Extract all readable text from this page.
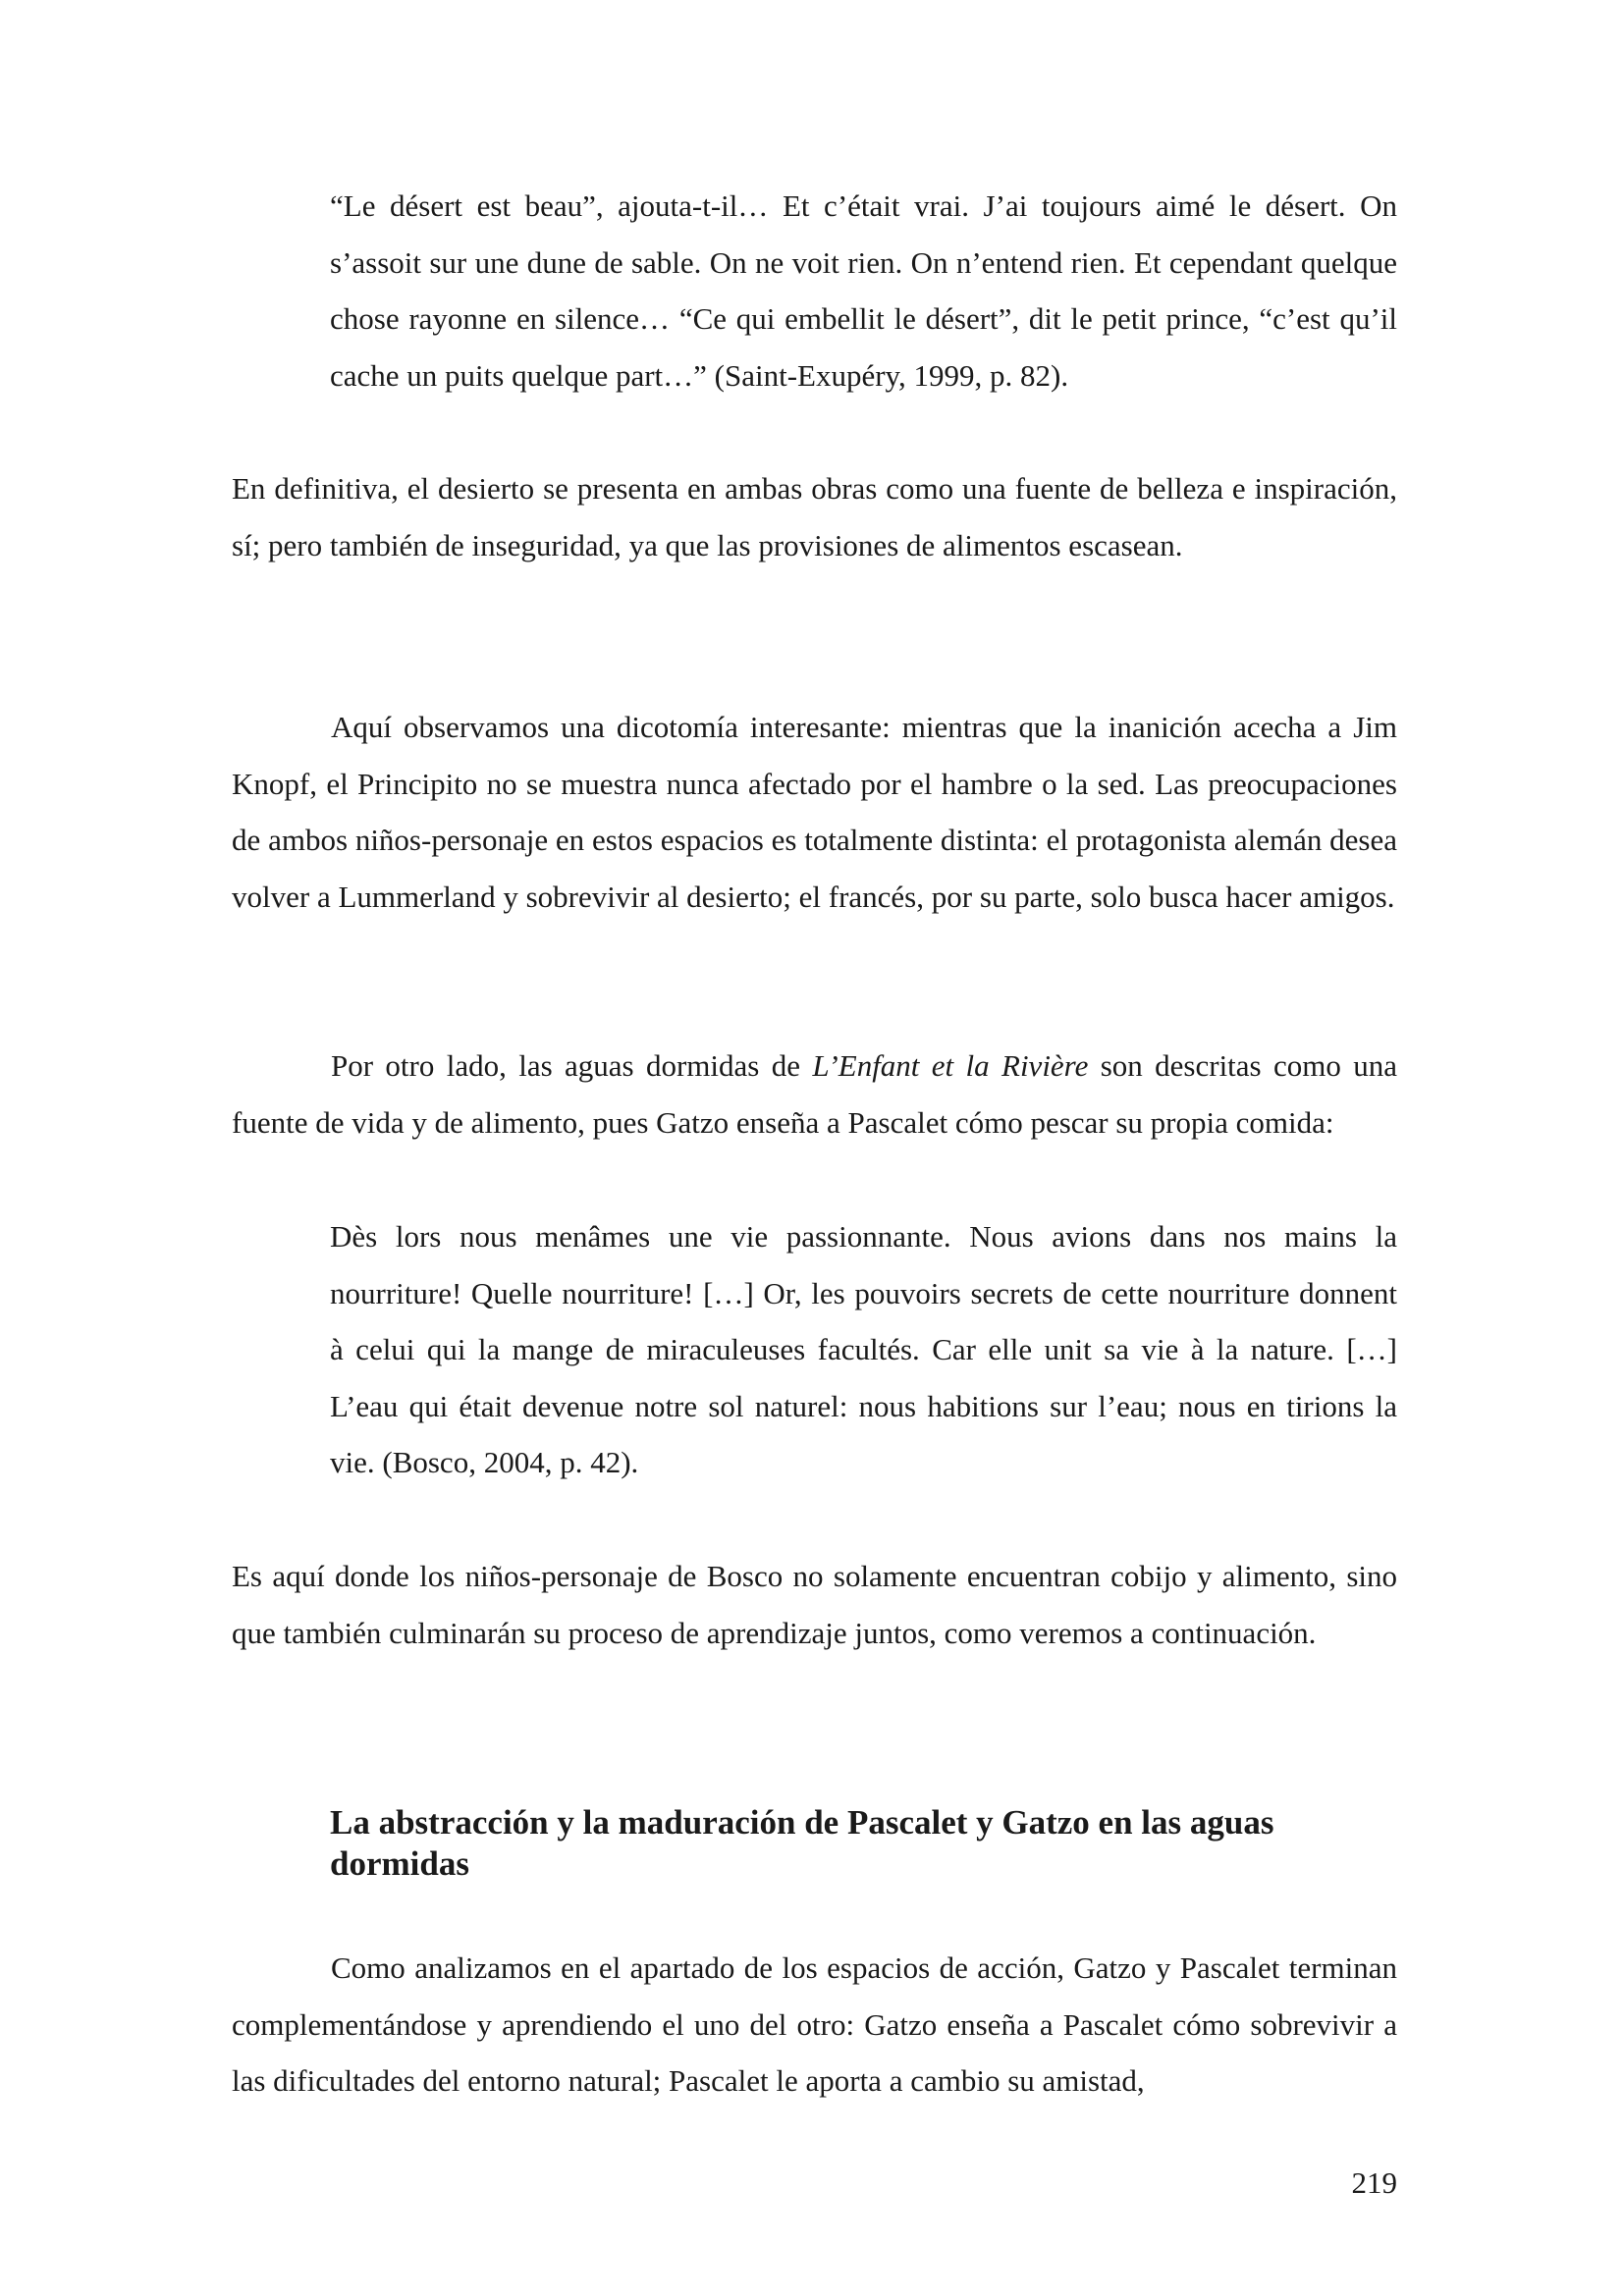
“Le désert est beau”, ajouta-t-il… Et c’était vrai. J’ai toujours aimé le désert. On s’assoit sur une dune de sable. On ne voit rien. On n’entend rien. Et cependant quelque chose rayonne en silence… “Ce qui embellit le désert”, dit le petit prince, “c’est qu’il cache un puits quelque part…” (Saint-Exupéry, 1999, p. 82).

En definitiva, el desierto se presenta en ambas obras como una fuente de belleza e inspiración, sí; pero también de inseguridad, ya que las provisiones de alimentos escasean.

Aquí observamos una dicotomía interesante: mientras que la inanición acecha a Jim Knopf, el Principito no se muestra nunca afectado por el hambre o la sed. Las preocupaciones de ambos niños-personaje en estos espacios es totalmente distinta: el protagonista alemán desea volver a Lummerland y sobrevivir al desierto; el francés, por su parte, solo busca hacer amigos.

Por otro lado, las aguas dormidas de L’Enfant et la Rivière son descritas como una fuente de vida y de alimento, pues Gatzo enseña a Pascalet cómo pescar su propia comida:

Dès lors nous menâmes une vie passionnante. Nous avions dans nos mains la nourriture! Quelle nourriture! […] Or, les pouvoirs secrets de cette nourriture donnent à celui qui la mange de miraculeuses facultés. Car elle unit sa vie à la nature. […] L’eau qui était devenue notre sol naturel: nous habitions sur l’eau; nous en tirions la vie. (Bosco, 2004, p. 42).

Es aquí donde los niños-personaje de Bosco no solamente encuentran cobijo y alimento, sino que también culminarán su proceso de aprendizaje juntos, como veremos a continuación.

La abstracción y la maduración de Pascalet y Gatzo en las aguas dormidas

Como analizamos en el apartado de los espacios de acción, Gatzo y Pascalet terminan complementándose y aprendiendo el uno del otro: Gatzo enseña a Pascalet cómo sobrevivir a las dificultades del entorno natural; Pascalet le aporta a cambio su amistad,

219
